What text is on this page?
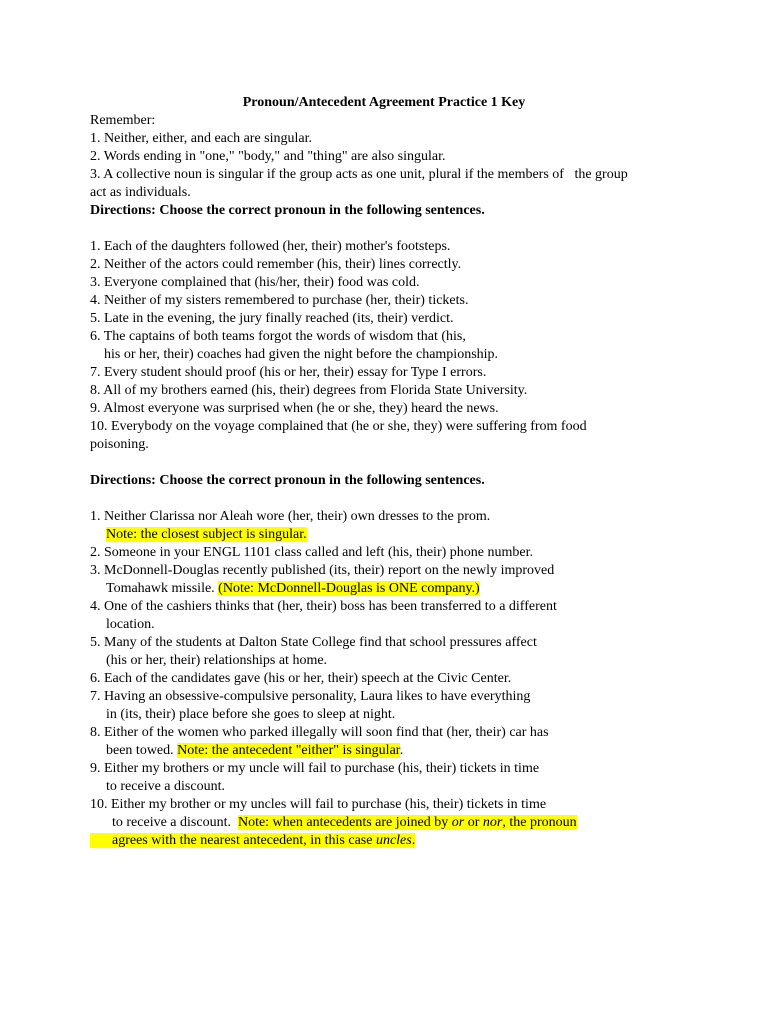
Pronoun/Antecedent Agreement Practice 1 Key
Remember:
1. Neither, either, and each are singular.
2. Words ending in "one," "body," and "thing" are also singular.
3. A collective noun is singular if the group acts as one unit, plural if the members of   the group
act as individuals.
Directions: Choose the correct pronoun in the following sentences.
1. Each of the daughters followed (her, their) mother's footsteps.
2. Neither of the actors could remember (his, their) lines correctly.
3. Everyone complained that (his/her, their) food was cold.
4. Neither of my sisters remembered to purchase (her, their) tickets.
5. Late in the evening, the jury finally reached (its, their) verdict.
6. The captains of both teams forgot the words of wisdom that (his,
his or her, their) coaches had given the night before the championship.
7. Every student should proof (his or her, their) essay for Type I errors.
8. All of my brothers earned (his, their) degrees from Florida State University.
9. Almost everyone was surprised when (he or she, they) heard the news.
10. Everybody on the voyage complained that (he or she, they) were suffering from food
poisoning.
Directions: Choose the correct pronoun in the following sentences.
1. Neither Clarissa nor Aleah wore (her, their) own dresses to the prom.
Note: the closest subject is singular.
2. Someone in your ENGL 1101 class called and left (his, their) phone number.
3. McDonnell-Douglas recently published (its, their) report on the newly improved
Tomahawk missile. (Note: McDonnell-Douglas is ONE company.)
4. One of the cashiers thinks that (her, their) boss has been transferred to a different
location.
5. Many of the students at Dalton State College find that school pressures affect
(his or her, their) relationships at home.
6. Each of the candidates gave (his or her, their) speech at the Civic Center.
7. Having an obsessive-compulsive personality, Laura likes to have everything
in (its, their) place before she goes to sleep at night.
8. Either of the women who parked illegally will soon find that (her, their) car has
been towed. Note: the antecedent "either" is singular.
9. Either my brothers or my uncle will fail to purchase (his, their) tickets in time
to receive a discount.
10. Either my brother or my uncles will fail to purchase (his, their) tickets in time
to receive a discount.  Note: when antecedents are joined by or or nor, the pronoun
agrees with the nearest antecedent, in this case uncles.
